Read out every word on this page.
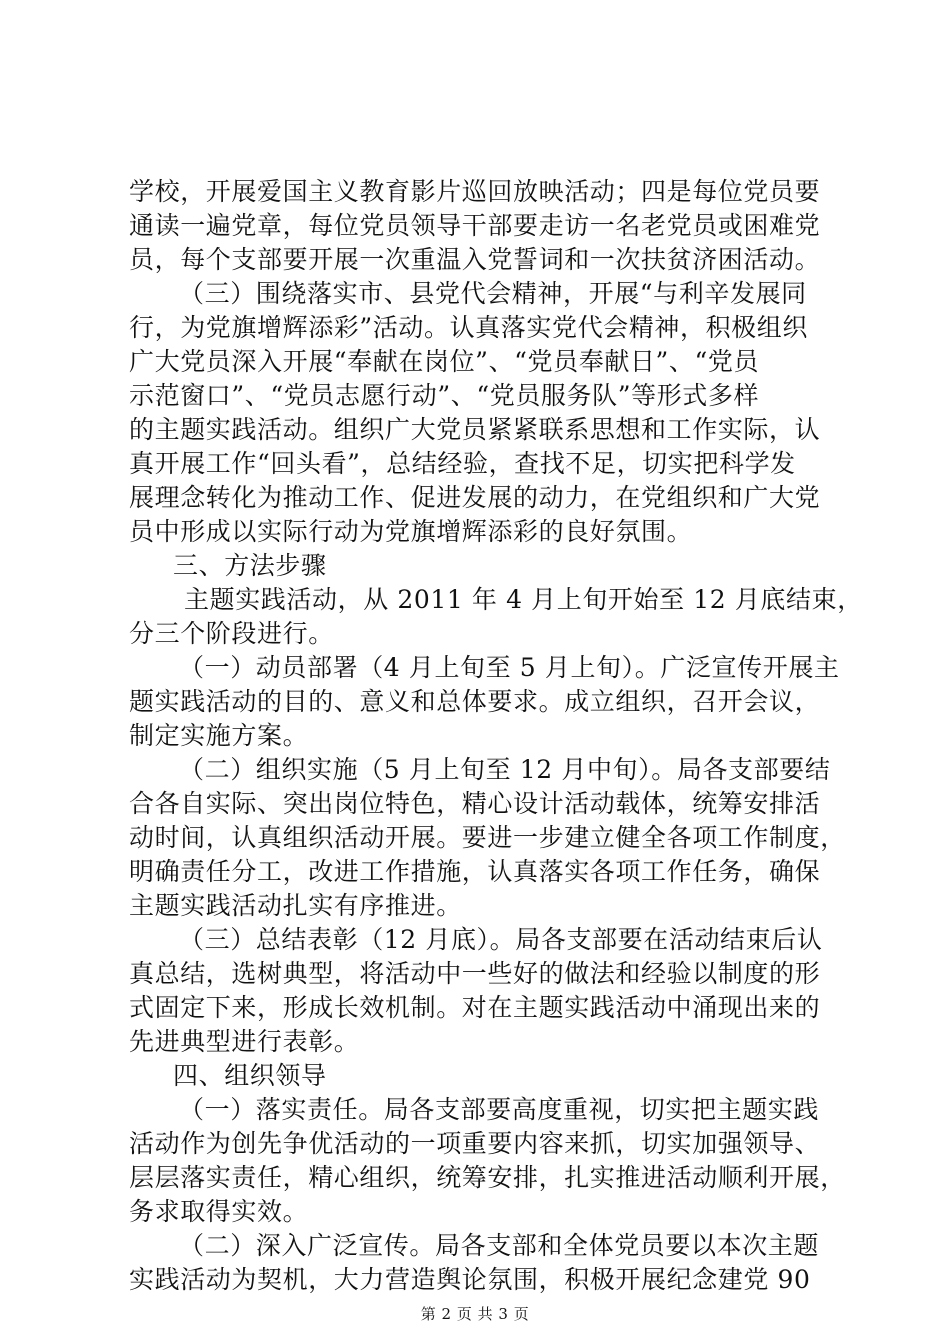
学校，开展爱国主义教育影片巡回放映活动；四是每位党员要
通读一遍党章，每位党员领导干部要走访一名老党员或困难党
员，每个支部要开展一次重温入党誓词和一次扶贫济困活动。
（三）围绕落实市、县党代会精神，开展“与利辛发展同
行，为党旗增辉添彩”活动。认真落实党代会精神，积极组织
广大党员深入开展“奉献在岗位”、“党员奉献日”、“党员
示范窗口”、“党员志愿行动”、“党员服务队”等形式多样
的主题实践活动。组织广大党员紧紧联系思想和工作实际，认
真开展工作“回头看”，总结经验，查找不足，切实把科学发
展理念转化为推动工作、促进发展的动力，在党组织和广大党
员中形成以实际行动为党旗增辉添彩的良好氛围。
三、方法步骤
主题实践活动，从 2011 年 4 月上旬开始至 12 月底结束，
分三个阶段进行。
（一）动员部署（4 月上旬至 5 月上旬）。广泛宣传开展主
题实践活动的目的、意义和总体要求。成立组织，召开会议，
制定实施方案。
（二）组织实施（5 月上旬至 12 月中旬）。局各支部要结
合各自实际、突出岗位特色，精心设计活动载体，统筹安排活
动时间，认真组织活动开展。要进一步建立健全各项工作制度，
明确责任分工，改进工作措施，认真落实各项工作任务，确保
主题实践活动扎实有序推进。
（三）总结表彰（12 月底）。局各支部要在活动结束后认
真总结，选树典型，将活动中一些好的做法和经验以制度的形
式固定下来，形成长效机制。对在主题实践活动中涌现出来的
先进典型进行表彰。
四、组织领导
（一）落实责任。局各支部要高度重视，切实把主题实践
活动作为创先争优活动的一项重要内容来抓，切实加强领导、
层层落实责任，精心组织，统筹安排，扎实推进活动顺利开展，
务求取得实效。
（二）深入广泛宣传。局各支部和全体党员要以本次主题
实践活动为契机，大力营造舆论氛围，积极开展纪念建党 90
第 2 页 共 3 页
